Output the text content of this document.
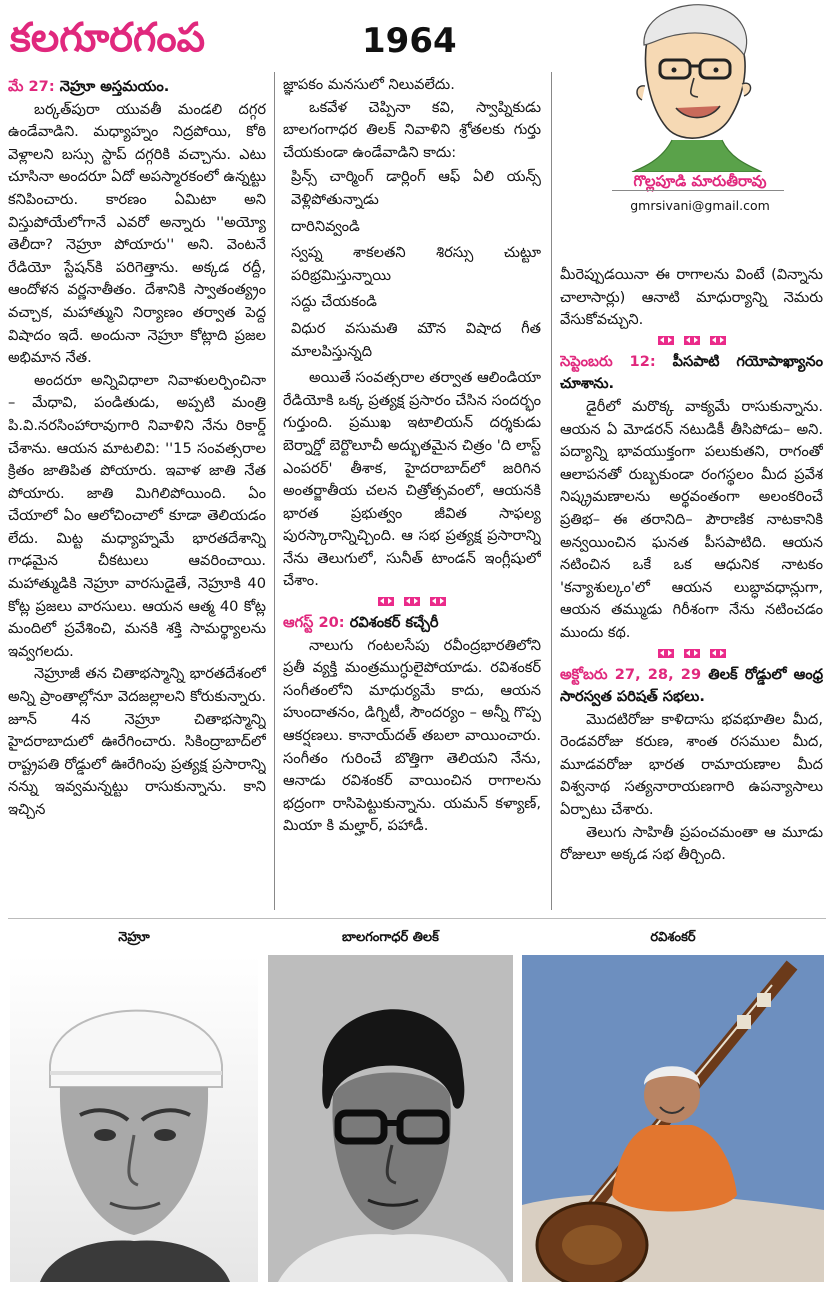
కలగూరగంప	1964
గొల్లపూడి మారుతీరావు
gmrsivani@gmail.com

మే 27: నెహ్రూ అస్తమయం.

బర్కత్‌పురా యువతీ మండలి దగ్గర ఉండేవాడిని. మధ్యాహ్నం నిద్రపోయి, కోఠి వెళ్లాలని బస్సు స్టాప్ దగ్గరికి వచ్చాను. ఎటు చూసినా అందరూ ఏదో అపస్మారకంలో ఉన్నట్టు కనిపించారు. కారణం ఏమిటా అని విస్తుపోయేలోగానే ఎవరో అన్నారు ''అయ్యో తెలీదా? నెహ్రూ పోయారు'' అని. వెంటనే రేడియో స్టేషన్‌కి పరిగెత్తాను. అక్కడ రద్దీ, ఆందోళన వర్ణనాతీతం. దేశానికి స్వాతంత్య్రం వచ్చాక, మహాత్ముని నిర్యాణం తర్వాత పెద్ద విషాదం ఇదే. అందునా నెహ్రూ కోట్లాది ప్రజల అభిమాన నేత.

అందరూ అన్నివిధాలా నివాళులర్పించినా – మేధావి, పండితుడు, అప్పటి మంత్రి పి.వి.నరసింహారావుగారి నివాళిని నేను రికార్డ్ చేశాను. ఆయన మాటలివి: ''15 సంవత్సరాల క్రితం జాతిపిత పోయారు. ఇవాళ జాతి నేత పోయారు. జాతి మిగిలిపోయింది. ఏం చేయాలో ఏం ఆలోచించాలో కూడా తెలియడం లేదు. మిట్ట మధ్యాహ్నమే భారతదేశాన్ని గాఢమైన చీకటులు ఆవరించాయి. మహాత్ముడికి నెహ్రూ వారసుడైతే, నెహ్రూకి 40 కోట్ల ప్రజలు వారసులు. ఆయన ఆత్మ 40 కోట్ల మందిలో ప్రవేశించి, మనకి శక్తి సామర్థ్యాలను ఇవ్వగలదు.

నెహ్రూజీ తన చితాభస్మాన్ని భారతదేశంలో అన్ని ప్రాంతాల్లోనూ వెదజల్లాలని కోరుకున్నారు. జూన్ 4న నెహ్రూ చితాభస్మాన్ని హైదరాబాదులో ఊరేగించారు. సికింద్రాబాద్‌లో రాష్ట్రపతి రోడ్డులో ఊరేగింపు ప్రత్యక్ష ప్రసారాన్ని నన్ను ఇవ్వమన్నట్టు రాసుకున్నాను. కాని ఇచ్చిన

జ్ఞాపకం మనసులో నిలువలేదు.

ఒకవేళ చెప్పినా కవి, స్వాప్నికుడు బాలగంగాధర తిలక్ నివాళిని శ్రోతలకు గుర్తు చేయకుండా ఉండేవాడిని కాదు:

ప్రిన్స్ చార్మింగ్ డార్లింగ్ ఆఫ్ ఏలి యన్స్ వెళ్లిపోతున్నాడు

దారినివ్వండి

స్వప్న శాకలతని శిరస్సు చుట్టూ పరిభ్రమిస్తున్నాయి

సద్దు చేయకండి

విధుర వసుమతి మౌన విషాద గీత మాలపిస్తున్నది

అయితే సంవత్సరాల తర్వాత ఆలిండియా రేడియోకి ఒక్క ప్రత్యక్ష ప్రసారం చేసిన సందర్భం గుర్తుంది. ప్రముఖ ఇటాలియన్ దర్శకుడు బెర్నార్డో బెర్టొలూచీ అద్భుతమైన చిత్రం 'ది లాస్ట్ ఎంపరర్' తీశాక, హైదరాబాద్‌లో జరిగిన అంతర్జాతీయ చలన చిత్రోత్సవంలో, ఆయనకి భారత ప్రభుత్వం జీవిత సాఫల్య పురస్కారాన్నిచ్చింది. ఆ సభ ప్రత్యక్ష ప్రసారాన్ని నేను తెలుగులో, సునీత్ టాండన్ ఇంగ్లీషులో చేశాం.

ఆగస్ట్ 20: రవిశంకర్ కచ్చేరీ

నాలుగు గంటలసేపు రవీంద్రభారతిలోని ప్రతీ వ్యక్తి మంత్రముగ్ధులైపోయాడు. రవిశంకర్ సంగీతంలోని మాధుర్యమే కాదు, ఆయన హుందాతనం, డిగ్నిటీ, సౌందర్యం – అన్నీ గొప్ప ఆకర్షణలు. కానాయ్‌దత్ తబలా వాయించారు. సంగీతం గురించే బొత్తిగా తెలియని నేను, ఆనాడు రవిశంకర్ వాయించిన రాగాలను భద్రంగా రాసిపెట్టుకున్నాను. యమన్ కళ్యాణ్, మియా కి మల్హార్, పహాడీ.

మీరెప్పుడయినా ఈ రాగాలను వింటే (విన్నాను చాలాసార్లు) ఆనాటి మాధుర్యాన్ని నెమరు వేసుకోవచ్చుని.

సెప్టెంబరు 12: పీసపాటి గయోపాఖ్యానం చూశాను.

డైరీలో మరొక్క వాక్యమే రాసుకున్నాను. ఆయన ఏ మోడరన్ నటుడికీ తీసిపోడు– అని. పద్యాన్ని భావయుక్తంగా పలుకుతని, రాగంతో ఆలాపనతో రుబ్బకుండా రంగస్థలం మీద ప్రవేశ నిష్క్రమణాలను అర్థవంతంగా అలంకరించే ప్రతిభ– ఈ తరానిది– పౌరాణిక నాటకానికి అన్వయించిన ఘనత పీసపాటిది. ఆయన నటించిన ఒకే ఒక ఆధునిక నాటకం 'కన్యాశుల్కం'లో ఆయన లుబ్ధావధాన్లుగా, ఆయన తమ్ముడు గిరీశంగా నేను నటించడం ముందు కథ.

అక్టోబరు 27, 28, 29 తిలక్ రోడ్డులో ఆంధ్ర సారస్వత పరిషత్ సభలు.

మొదటిరోజు కాళిదాసు భవభూతిల మీద, రెండవరోజు కరుణ, శాంత రసముల మీద, మూడవరోజు భారత రామాయణాల మీద విశ్వనాథ సత్యనారాయణగారి ఉపన్యాసాలు ఏర్పాటు చేశారు.

తెలుగు సాహితీ ప్రపంచమంతా ఆ మూడు రోజులూ అక్కడ సభ తీర్చింది.

నెహ్రూ	బాలగంగాధర్ తిలక్	రవిశంకర్
